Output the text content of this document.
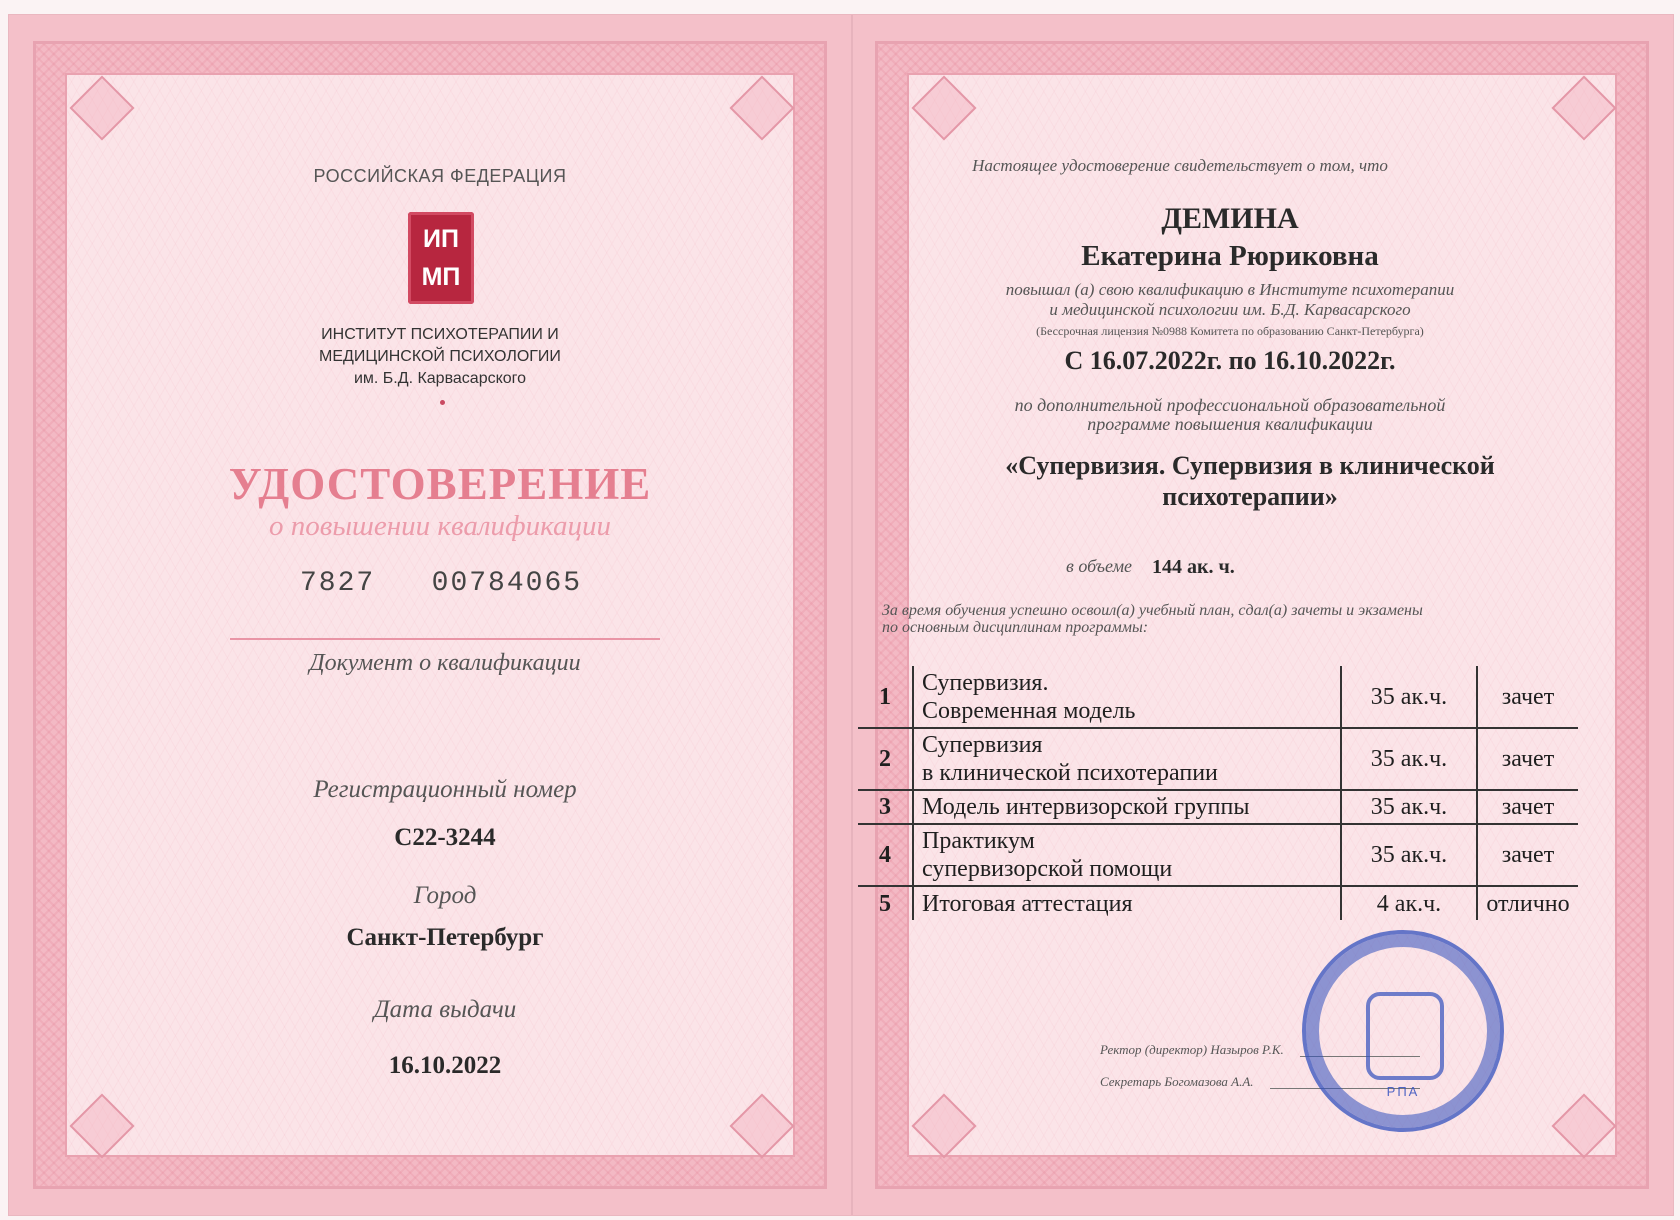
РОССИЙСКАЯ ФЕДЕРАЦИЯ
ИП
МП
ИНСТИТУТ ПСИХОТЕРАПИИ И
МЕДИЦИНСКОЙ ПСИХОЛОГИИ
им. Б.Д. Карвасарского
УДОСТОВЕРЕНИЕ
о повышении квалификации
7827 00784065
Документ о квалификации
Регистрационный номер
С22-3244
Город
Санкт-Петербург
Дата выдачи
16.10.2022
Настоящее удостоверение свидетельствует о том, что
ДЕМИНА
Екатерина Рюриковна
повышал (а) свою квалификацию в Институте психотерапии
и медицинской психологии им. Б.Д. Карвасарского
(Бессрочная лицензия №0988 Комитета по образованию Санкт-Петербурга)
С 16.07.2022г. по 16.10.2022г.
по дополнительной профессиональной образовательной
программе повышения квалификации
«Супервизия. Супервизия в клинической
психотерапии»
в объеме 144 ак. ч.
За время обучения успешно освоил(а) учебный план, сдал(а) зачеты и экзамены
по основным дисциплинам программы:
1	Супервизия.
Современная модель	35 ак.ч.	зачет
2	Супервизия
в клинической психотерапии	35 ак.ч.	зачет
3	Модель интервизорской группы	35 ак.ч.	зачет
4	Практикум
супервизорской помощи	35 ак.ч.	зачет
5	Итоговая аттестация	4 ак.ч.	отлично
Ректор (директор) Назыров Р.К.
Секретарь Богомазова А.А.
РПА
